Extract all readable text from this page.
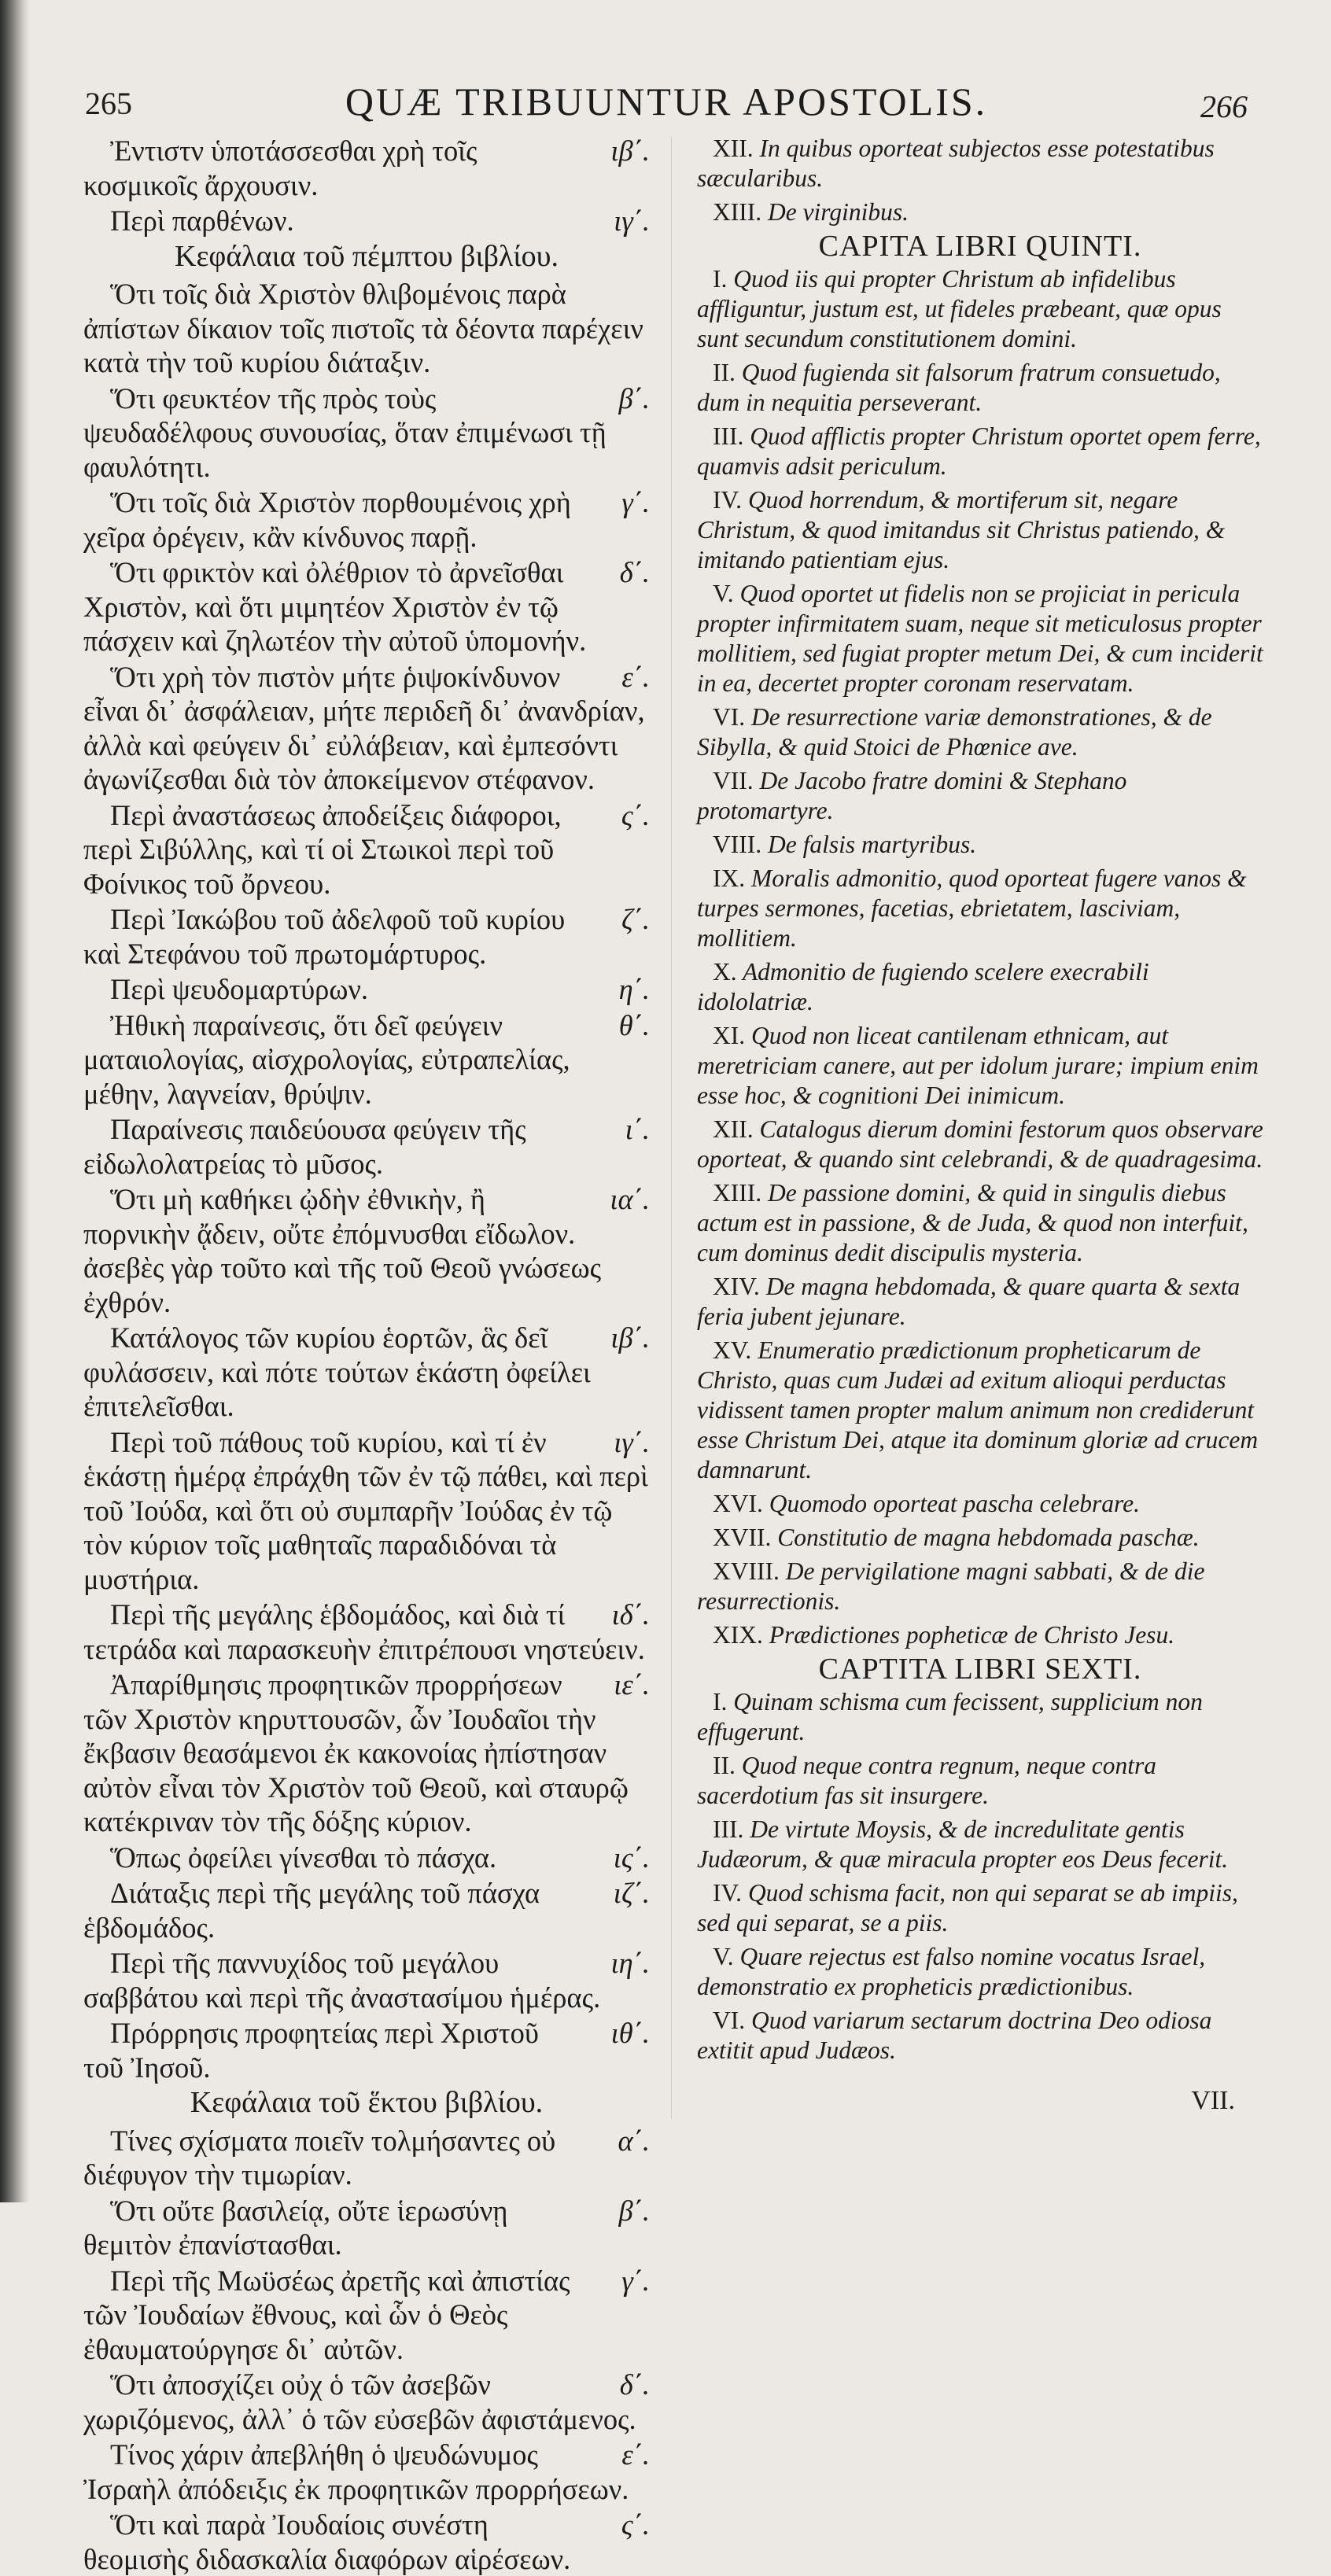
265	QUÆ TRIBUUNTUR APOSTOLIS.	266
ιβ΄.
Ἐντιστν ὑποτάσσεσθαι χρὴ τοῖς κοσμικοῖς ἄρχουσιν.
ιγ΄.
Περὶ παρθένων.
Κεφάλαια τοῦ πέμπτου βιβλίου.
Ὅτι τοῖς διὰ Χριστὸν θλιβομένοις παρὰ ἀπίστων δίκαιον τοῖς πιστοῖς τὰ δέοντα παρέχειν κατὰ τὴν τοῦ κυρίου διάταξιν.
β΄.
Ὅτι φευκτέον τῆς πρὸς τοὺς ψευδαδέλφους συνουσίας, ὅταν ἐπιμένωσι τῇ φαυλότητι.
γ΄.
Ὅτι τοῖς διὰ Χριστὸν πορθουμένοις χρὴ χεῖρα ὀρέγειν, κἂν κίνδυνος παρῇ.
δ΄.
Ὅτι φρικτὸν καὶ ὀλέθριον τὸ ἀρνεῖσθαι Χριστὸν, καὶ ὅτι μιμητέον Χριστὸν ἐν τῷ πάσχειν καὶ ζηλωτέον τὴν αὐτοῦ ὑπομονήν.
ε΄.
Ὅτι χρὴ τὸν πιστὸν μήτε ῥιψοκίνδυνον εἶναι δι᾽ ἀσφάλειαν, μήτε περιδεῆ δι᾽ ἀνανδρίαν, ἀλλὰ καὶ φεύγειν δι᾽ εὐλάβειαν, καὶ ἐμπεσόντι ἀγωνίζεσθαι διὰ τὸν ἀποκείμενον στέφανον.
ς΄.
Περὶ ἀναστάσεως ἀποδείξεις διάφοροι, περὶ Σιβύλλης, καὶ τί οἱ Στωικοὶ περὶ τοῦ Φοίνικος τοῦ ὄρνεου.
ζ΄.
Περὶ Ἰακώβου τοῦ ἀδελφοῦ τοῦ κυρίου καὶ Στεφάνου τοῦ πρωτομάρτυρος.
η΄.
Περὶ ψευδομαρτύρων.
θ΄.
Ἠθικὴ παραίνεσις, ὅτι δεῖ φεύγειν ματαιολογίας, αἰσχρολογίας, εὐτραπελίας, μέθην, λαγνείαν, θρύψιν.
ι΄.
Παραίνεσις παιδεύουσα φεύγειν τῆς εἰδωλολατρείας τὸ μῦσος.
ια΄.
Ὅτι μὴ καθήκει ᾠδὴν ἐθνικὴν, ἢ πορνικὴν ᾄδειν, οὔτε ἐπόμνυσθαι εἴδωλον. ἀσεβὲς γὰρ τοῦτο καὶ τῆς τοῦ Θεοῦ γνώσεως ἐχθρόν.
ιβ΄.
Κατάλογος τῶν κυρίου ἑορτῶν, ἃς δεῖ φυλάσσειν, καὶ πότε τούτων ἑκάστη ὀφείλει ἐπιτελεῖσθαι.
ιγ΄.
Περὶ τοῦ πάθους τοῦ κυρίου, καὶ τί ἐν ἑκάστῃ ἡμέρᾳ ἐπράχθη τῶν ἐν τῷ πάθει, καὶ περὶ τοῦ Ἰούδα, καὶ ὅτι οὐ συμπαρῆν Ἰούδας ἐν τῷ τὸν κύριον τοῖς μαθηταῖς παραδιδόναι τὰ μυστήρια.
ιδ΄.
Περὶ τῆς μεγάλης ἑβδομάδος, καὶ διὰ τί τετράδα καὶ παρασκευὴν ἐπιτρέπουσι νηστεύειν.
ιε΄.
Ἀπαρίθμησις προφητικῶν προρρήσεων τῶν Χριστὸν κηρυττουσῶν, ὧν Ἰουδαῖοι τὴν ἔκβασιν θεασάμενοι ἐκ κακονοίας ἠπίστησαν αὐτὸν εἶναι τὸν Χριστὸν τοῦ Θεοῦ, καὶ σταυρῷ κατέκριναν τὸν τῆς δόξης κύριον.
ις΄.
Ὅπως ὀφείλει γίνεσθαι τὸ πάσχα.
ιζ΄.
Διάταξις περὶ τῆς μεγάλης τοῦ πάσχα ἑβδομάδος.
ιη΄.
Περὶ τῆς παννυχίδος τοῦ μεγάλου σαββάτου καὶ περὶ τῆς ἀναστασίμου ἡμέρας.
ιθ΄.
Πρόρρησις προφητείας περὶ Χριστοῦ τοῦ Ἰησοῦ.
Κεφάλαια τοῦ ἕκτου βιβλίου.
α΄.
Τίνες σχίσματα ποιεῖν τολμήσαντες οὐ διέφυγον τὴν τιμωρίαν.
β΄.
Ὅτι οὔτε βασιλείᾳ, οὔτε ἱερωσύνῃ θεμιτὸν ἐπανίστασθαι.
γ΄.
Περὶ τῆς Μωϋσέως ἀρετῆς καὶ ἀπιστίας τῶν Ἰουδαίων ἔθνους, καὶ ὧν ὁ Θεὸς ἐθαυματούργησε δι᾽ αὐτῶν.
δ΄.
Ὅτι ἀποσχίζει οὐχ ὁ τῶν ἀσεβῶν χωριζόμενος, ἀλλ᾽ ὁ τῶν εὐσεβῶν ἀφιστάμενος.
ε΄.
Τίνος χάριν ἀπεβλήθη ὁ ψευδώνυμος Ἰσραὴλ ἀπόδειξις ἐκ προφητικῶν προρρήσεων.
ς΄.
Ὅτι καὶ παρὰ Ἰουδαίοις συνέστη θεομισὴς διδασκαλία διαφόρων αἱρέσεων.
XII. In quibus oporteat subjectos esse potestatibus sæcularibus.
XIII. De virginibus.
CAPITA LIBRI QUINTI.
I. Quod iis qui propter Christum ab infidelibus affliguntur, justum est, ut fideles præbeant, quæ opus sunt secundum constitutionem domini.
II. Quod fugienda sit falsorum fratrum consuetudo, dum in nequitia perseverant.
III. Quod afflictis propter Christum oportet opem ferre, quamvis adsit periculum.
IV. Quod horrendum, & mortiferum sit, negare Christum, & quod imitandus sit Christus patiendo, & imitando patientiam ejus.
V. Quod oportet ut fidelis non se projiciat in pericula propter infirmitatem suam, neque sit meticulosus propter mollitiem, sed fugiat propter metum Dei, & cum inciderit in ea, decertet propter coronam reservatam.
VI. De resurrectione variæ demonstrationes, & de Sibylla, & quid Stoici de Phœnice ave.
VII. De Jacobo fratre domini & Stephano protomartyre.
VIII. De falsis martyribus.
IX. Moralis admonitio, quod oporteat fugere vanos & turpes sermones, facetias, ebrietatem, lasciviam, mollitiem.
X. Admonitio de fugiendo scelere execrabili idololatriæ.
XI. Quod non liceat cantilenam ethnicam, aut meretriciam canere, aut per idolum jurare; impium enim esse hoc, & cognitioni Dei inimicum.
XII. Catalogus dierum domini festorum quos observare oporteat, & quando sint celebrandi, & de quadragesima.
XIII. De passione domini, & quid in singulis diebus actum est in passione, & de Juda, & quod non interfuit, cum dominus dedit discipulis mysteria.
XIV. De magna hebdomada, & quare quarta & sexta feria jubent jejunare.
XV. Enumeratio prædictionum propheticarum de Christo, quas cum Judæi ad exitum alioqui perductas vidissent tamen propter malum animum non crediderunt esse Christum Dei, atque ita dominum gloriæ ad crucem damnarunt.
XVI. Quomodo oporteat pascha celebrare.
XVII. Constitutio de magna hebdomada paschæ.
XVIII. De pervigilatione magni sabbati, & de die resurrectionis.
XIX. Prædictiones popheticæ de Christo Jesu.
CAPTITA LIBRI SEXTI.
I. Quinam schisma cum fecissent, supplicium non effugerunt.
II. Quod neque contra regnum, neque contra sacerdotium fas sit insurgere.
III. De virtute Moysis, & de incredulitate gentis Judæorum, & quæ miracula propter eos Deus fecerit.
IV. Quod schisma facit, non qui separat se ab impiis, sed qui separat, se a piis.
V. Quare rejectus est falso nomine vocatus Israel, demonstratio ex propheticis prædictionibus.
VI. Quod variarum sectarum doctrina Deo odiosa extitit apud Judæos.
VII.
